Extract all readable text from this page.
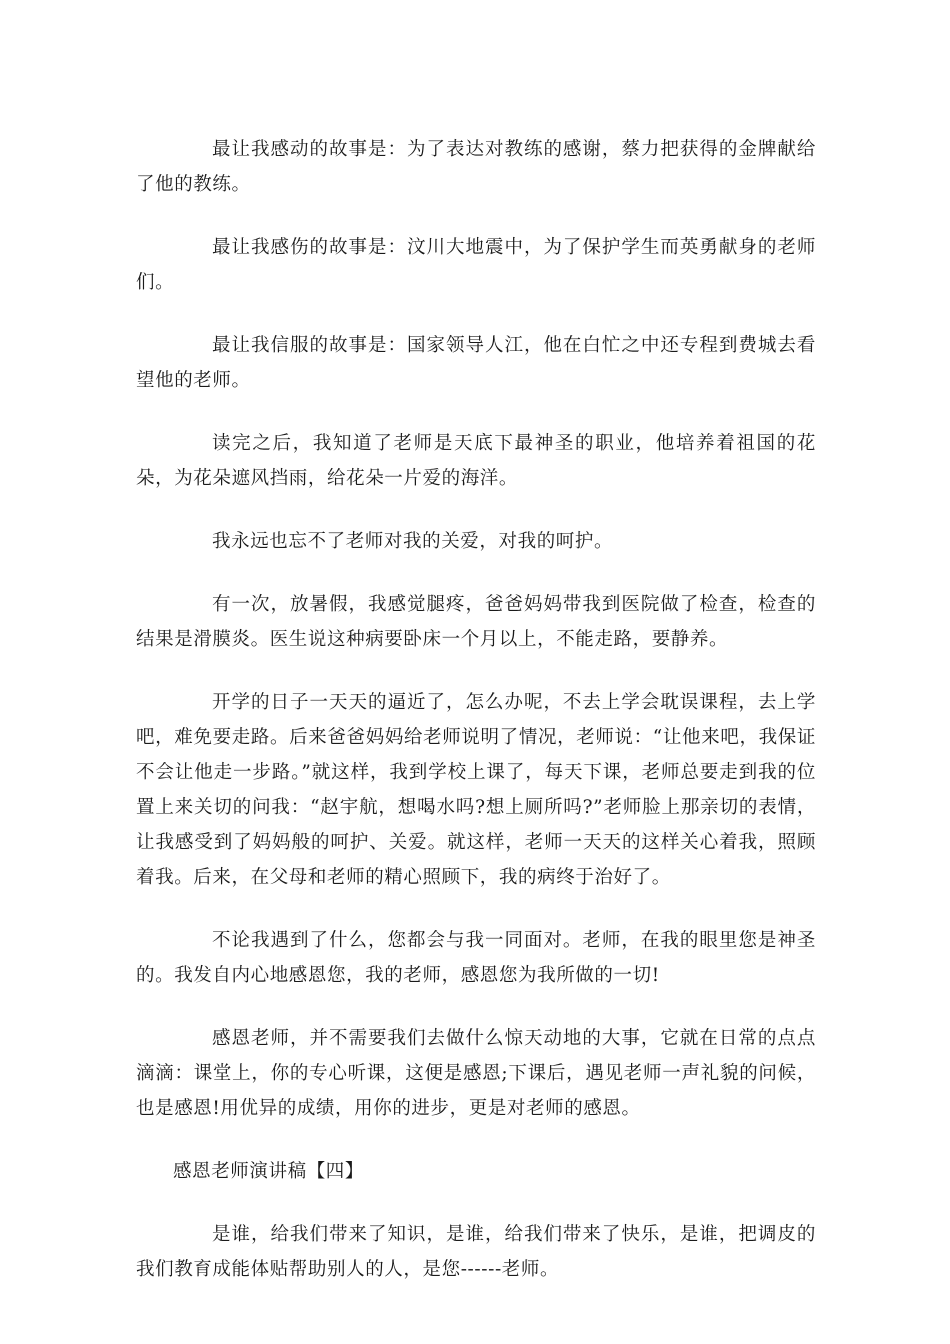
最让我感动的故事是：为了表达对教练的感谢，蔡力把获得的金牌献给了他的教练。

最让我感伤的故事是：汶川大地震中，为了保护学生而英勇献身的老师们。

最让我信服的故事是：国家领导人江，他在白忙之中还专程到费城去看望他的老师。

读完之后，我知道了老师是天底下最神圣的职业，他培养着祖国的花朵，为花朵遮风挡雨，给花朵一片爱的海洋。

我永远也忘不了老师对我的关爱，对我的呵护。

有一次，放暑假，我感觉腿疼，爸爸妈妈带我到医院做了检查，检查的结果是滑膜炎。医生说这种病要卧床一个月以上，不能走路，要静养。

开学的日子一天天的逼近了，怎么办呢，不去上学会耽误课程，去上学吧，难免要走路。后来爸爸妈妈给老师说明了情况，老师说：“让他来吧，我保证不会让他走一步路。”就这样，我到学校上课了，每天下课，老师总要走到我的位置上来关切的问我：“赵宇航，想喝水吗?想上厕所吗?”老师脸上那亲切的表情，让我感受到了妈妈般的呵护、关爱。就这样，老师一天天的这样关心着我，照顾着我。后来，在父母和老师的精心照顾下，我的病终于治好了。

不论我遇到了什么，您都会与我一同面对。老师，在我的眼里您是神圣的。我发自内心地感恩您，我的老师，感恩您为我所做的一切!

感恩老师，并不需要我们去做什么惊天动地的大事，它就在日常的点点滴滴：课堂上，你的专心听课，这便是感恩;下课后，遇见老师一声礼貌的问候，也是感恩!用优异的成绩，用你的进步，更是对老师的感恩。

感恩老师演讲稿【四】

是谁，给我们带来了知识，是谁，给我们带来了快乐，是谁，把调皮的我们教育成能体贴帮助别人的人，是您------老师。
